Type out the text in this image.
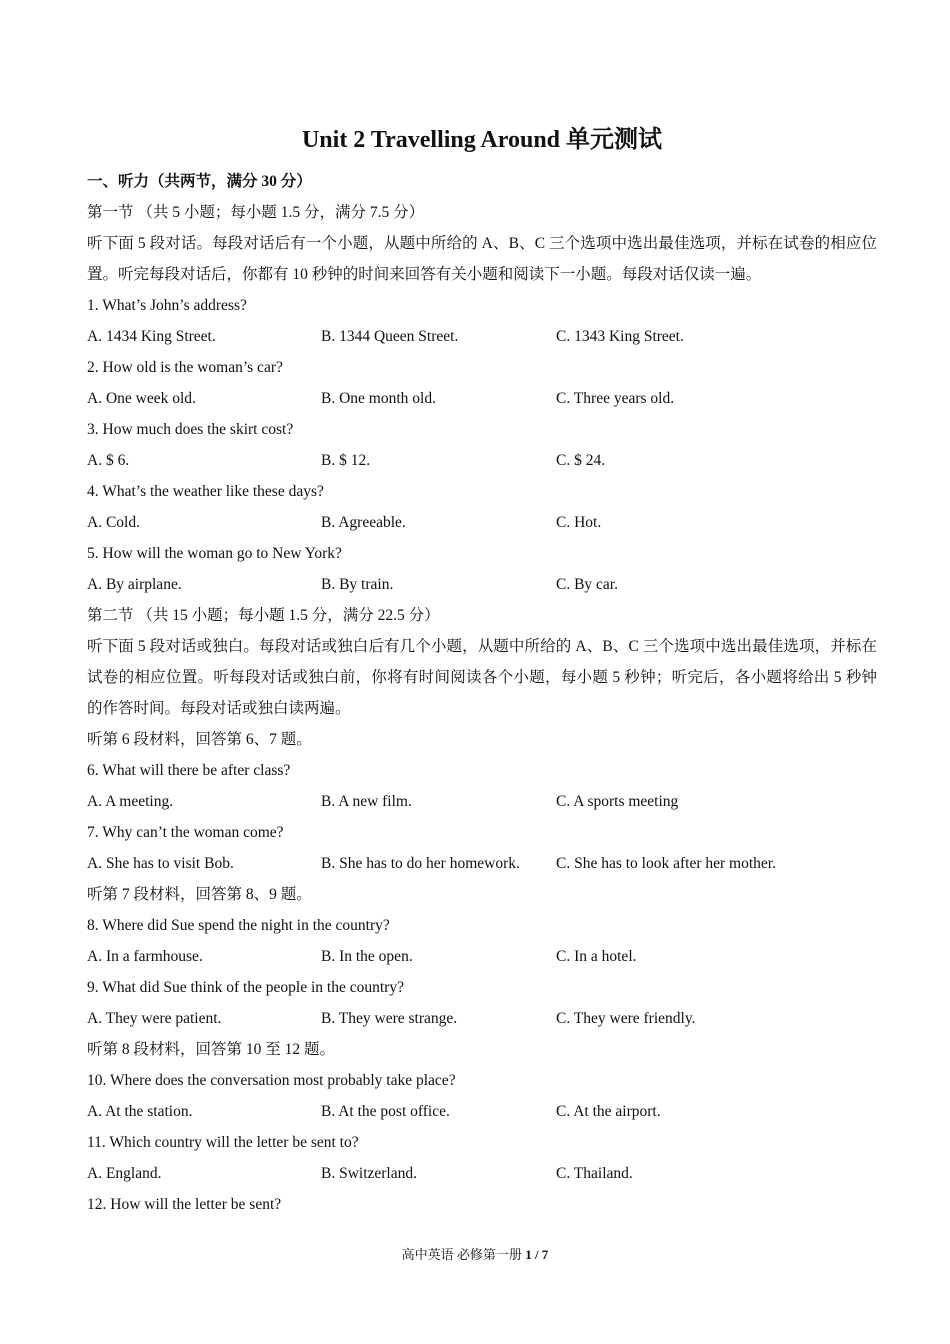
Unit 2 Travelling Around 单元测试
一、听力（共两节，满分 30 分）
第一节 （共 5 小题；每小题 1.5 分，满分 7.5 分）
听下面 5 段对话。每段对话后有一个小题，从题中所给的 A、B、C 三个选项中选出最佳选项，并标在试卷的相应位置。听完每段对话后，你都有 10 秒钟的时间来回答有关小题和阅读下一小题。每段对话仅读一遍。
1. What’s John’s address?
A. 1434 King Street.	B. 1344 Queen Street.	C. 1343 King Street.
2. How old is the woman’s car?
A. One week old.	B. One month old.	C. Three years old.
3. How much does the skirt cost?
A. $ 6.	B. $ 12.	C. $ 24.
4. What’s the weather like these days?
A. Cold.	B. Agreeable.	C. Hot.
5. How will the woman go to New York?
A. By airplane.	B. By train.	C. By car.
第二节 （共 15 小题；每小题 1.5 分，满分 22.5 分）
听下面 5 段对话或独白。每段对话或独白后有几个小题，从题中所给的 A、B、C 三个选项中选出最佳选项，并标在试卷的相应位置。听每段对话或独白前，你将有时间阅读各个小题，每小题 5 秒钟；听完后，各小题将给出 5 秒钟的作答时间。每段对话或独白读两遍。
听第 6 段材料，回答第 6、7 题。
6. What will there be after class?
A. A meeting.	B. A new film.	C. A sports meeting
7. Why can’t the woman come?
A. She has to visit Bob.	B. She has to do her homework.	C. She has to look after her mother.
听第 7 段材料，回答第 8、9 题。
8. Where did Sue spend the night in the country?
A. In a farmhouse.	B. In the open.	C. In a hotel.
9. What did Sue think of the people in the country?
A. They were patient.	B. They were strange.	C. They were friendly.
听第 8 段材料，回答第 10 至 12 题。
10. Where does the conversation most probably take place?
A. At the station.	B. At the post office.	C. At the airport.
11. Which country will the letter be sent to?
A. England.	B. Switzerland.	C. Thailand.
12. How will the letter be sent?
高中英语 必修第一册 1 / 7
